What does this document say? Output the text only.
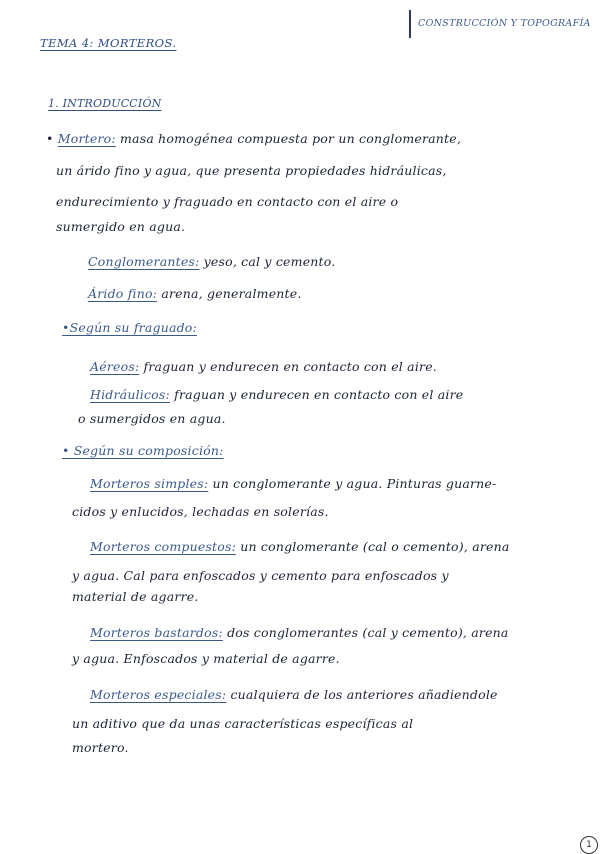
CONSTRUCCIÓN Y TOPOGRAFÍA
TEMA 4: MORTEROS.
1. INTRODUCCIÓN
• Mortero: masa homogénea compuesta por un conglomerante,
un árido fino y agua, que presenta propiedades hidráulicas,
endurecimiento y fraguado en contacto con el aire o
sumergido en agua.
Conglomerantes: yeso, cal y cemento.
Árido fino: arena, generalmente.
•Según su fraguado:
Aéreos: fraguan y endurecen en contacto con el aire.
Hidráulicos: fraguan y endurecen en contacto con el aire
o sumergidos en agua.
• Según su composición:
Morteros simples: un conglomerante y agua. Pinturas guarne-
cidos y enlucidos, lechadas en solerías.
Morteros compuestos: un conglomerante (cal o cemento), arena
y agua. Cal para enfoscados y cemento para enfoscados y
material de agarre.
Morteros bastardos: dos conglomerantes (cal y cemento), arena
y agua. Enfoscados y material de agarre.
Morteros especiales: cualquiera de los anteriores añadiendole
un aditivo que da unas características específicas al
mortero.
1
